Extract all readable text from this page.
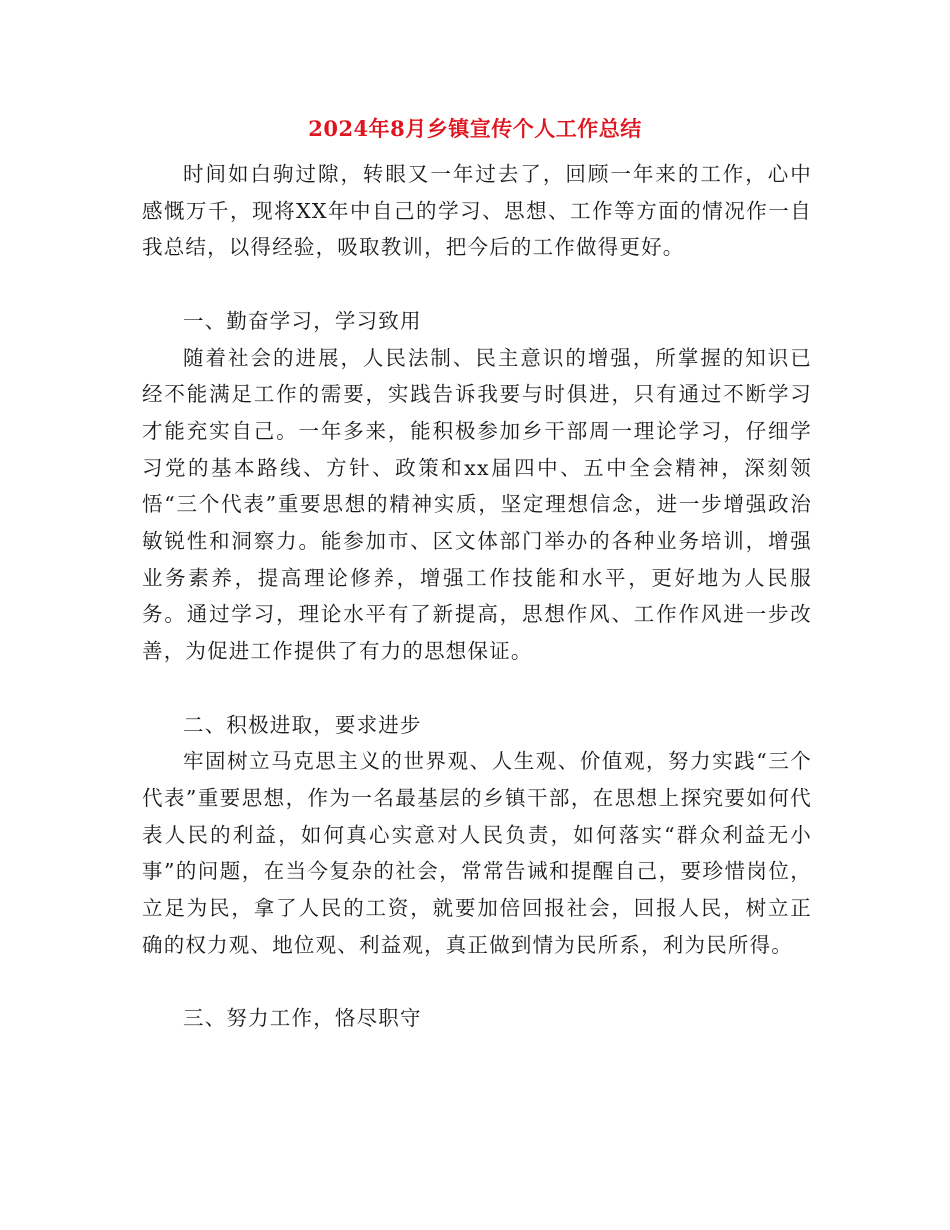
2024年8月乡镇宣传个人工作总结

时间如白驹过隙，转眼又一年过去了，回顾一年来的工作，心中感慨万千，现将XX年中自己的学习、思想、工作等方面的情况作一自我总结，以得经验，吸取教训，把今后的工作做得更好。

一、勤奋学习，学习致用

随着社会的进展，人民法制、民主意识的增强，所掌握的知识已经不能满足工作的需要，实践告诉我要与时俱进，只有通过不断学习才能充实自己。一年多来，能积极参加乡干部周一理论学习，仔细学习党的基本路线、方针、政策和xx届四中、五中全会精神，深刻领悟“三个代表”重要思想的精神实质，坚定理想信念，进一步增强政治敏锐性和洞察力。能参加市、区文体部门举办的各种业务培训，增强业务素养，提高理论修养，增强工作技能和水平，更好地为人民服务。通过学习，理论水平有了新提高，思想作风、工作作风进一步改善，为促进工作提供了有力的思想保证。

二、积极进取，要求进步

牢固树立马克思主义的世界观、人生观、价值观，努力实践“三个代表”重要思想，作为一名最基层的乡镇干部，在思想上探究要如何代表人民的利益，如何真心实意对人民负责，如何落实“群众利益无小事”的问题，在当今复杂的社会，常常告诫和提醒自己，要珍惜岗位，立足为民，拿了人民的工资，就要加倍回报社会，回报人民，树立正确的权力观、地位观、利益观，真正做到情为民所系，利为民所得。

三、努力工作，恪尽职守
